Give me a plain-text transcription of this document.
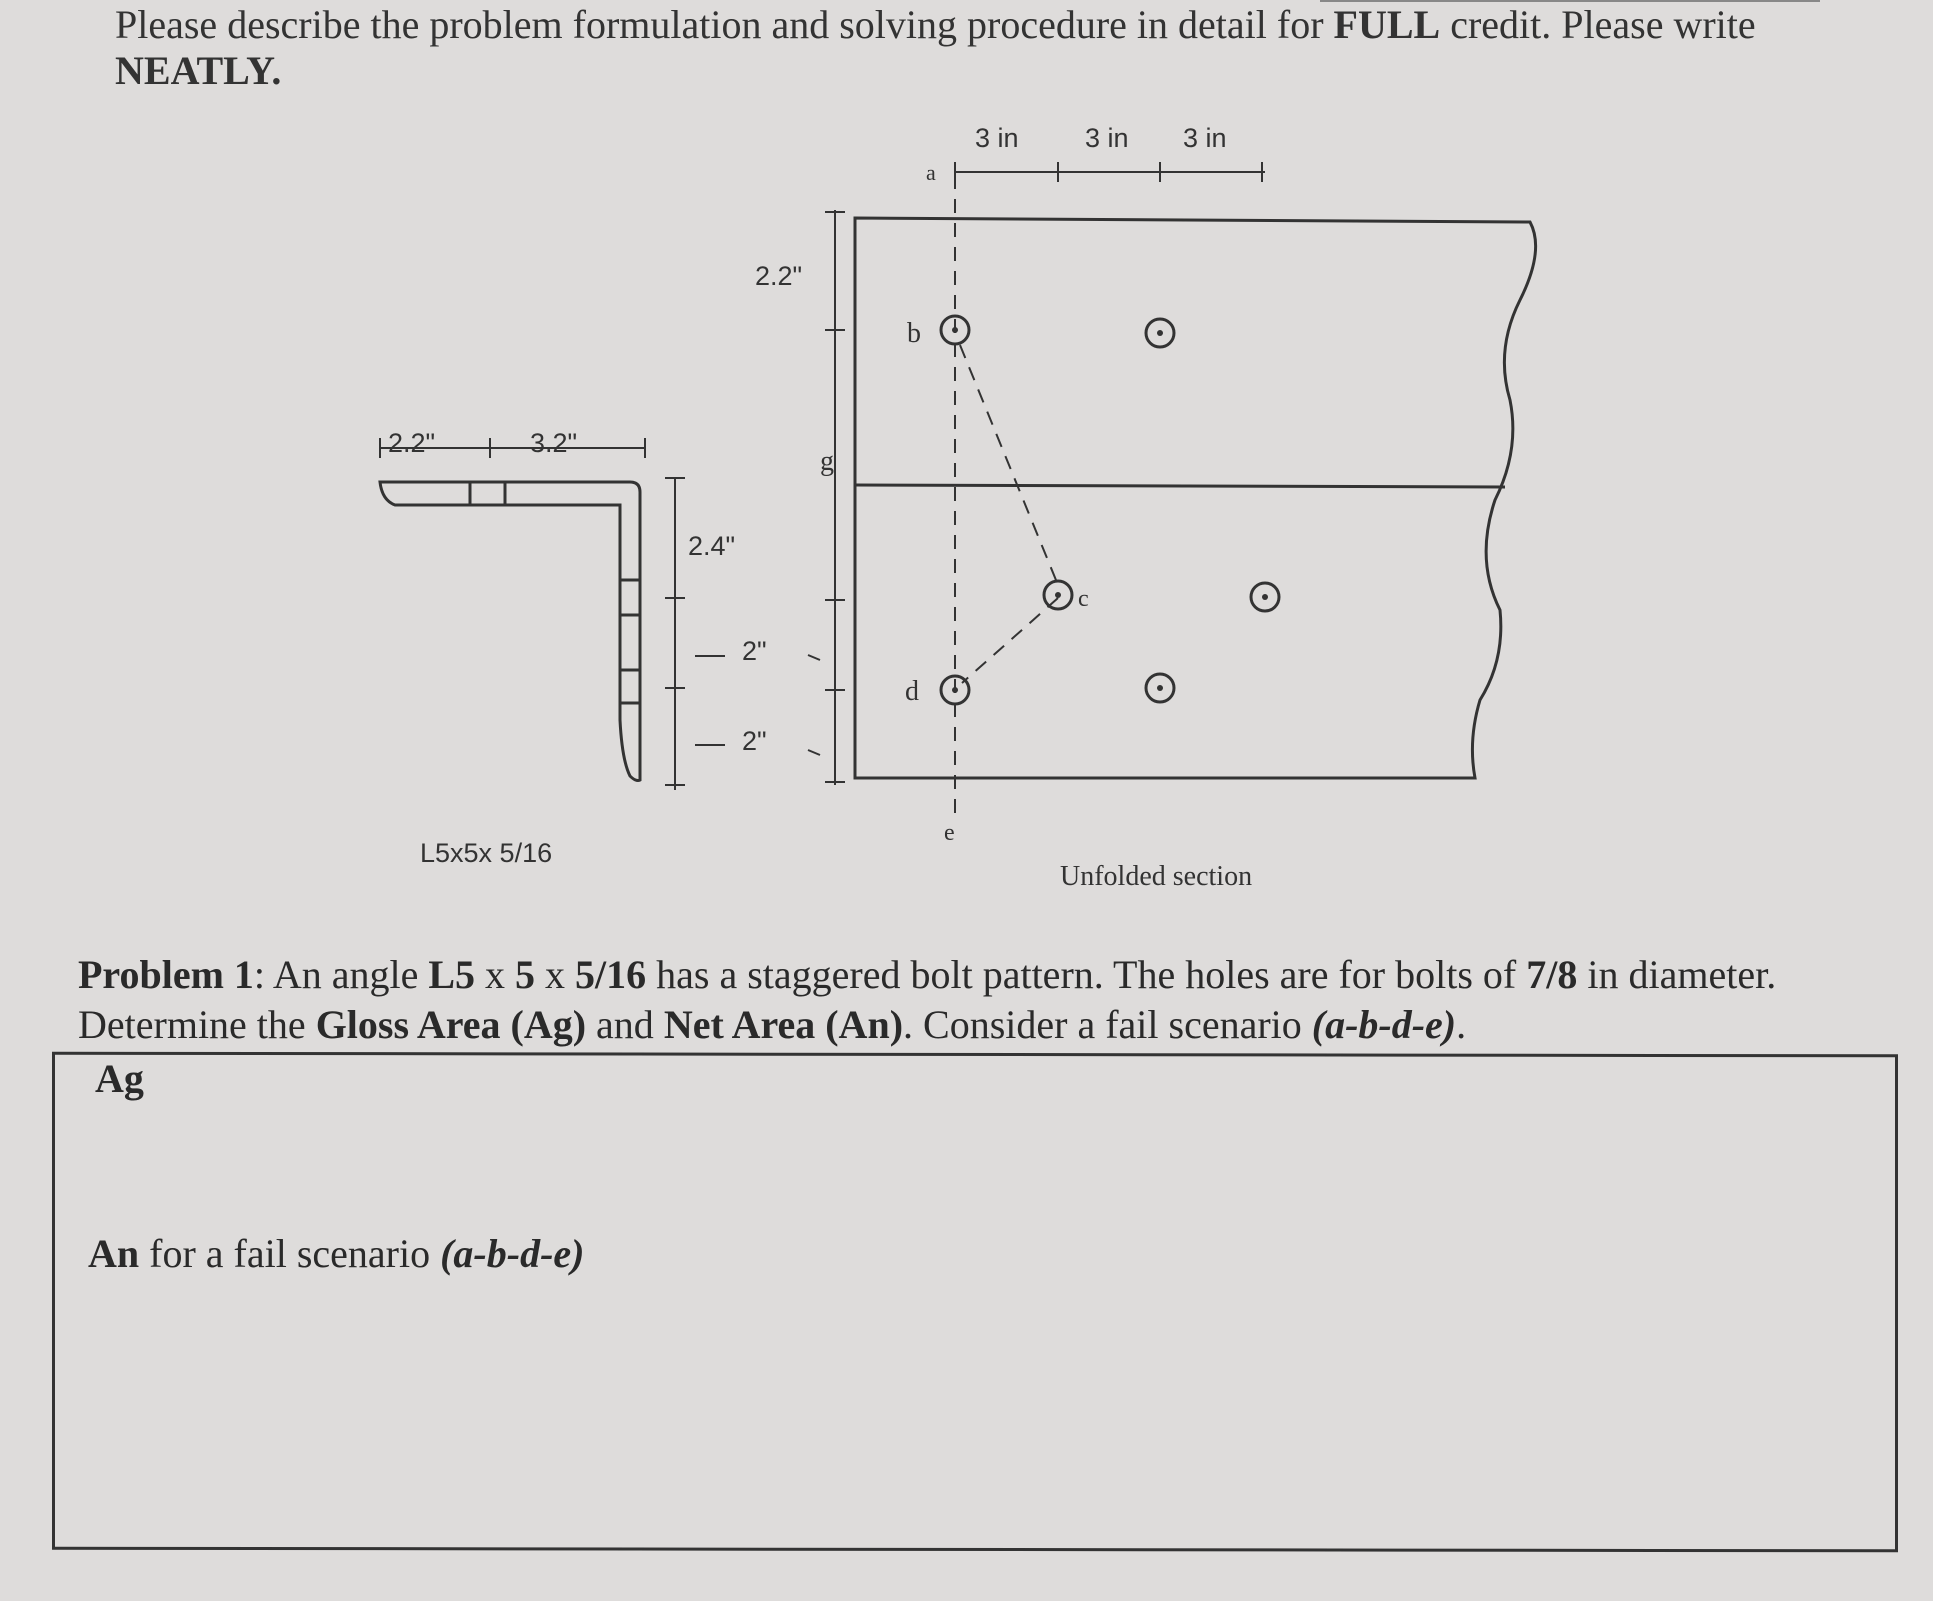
Please describe the problem formulation and solving procedure in detail for FULL credit. Please write
NEATLY.
2.2"	3.2"
2.4"
2"
2"
2.2"
3 in 3 in 3 in
L5x5x 5/16
g
a
b
c
d
e
Unfolded section
Problem 1: An angle L5 x 5 x 5/16 has a staggered bolt pattern. The holes are for bolts of 7/8 in diameter. Determine the Gloss Area (Ag) and Net Area (An). Consider a fail scenario (a-b-d-e).
Ag
An for a fail scenario (a-b-d-e)
